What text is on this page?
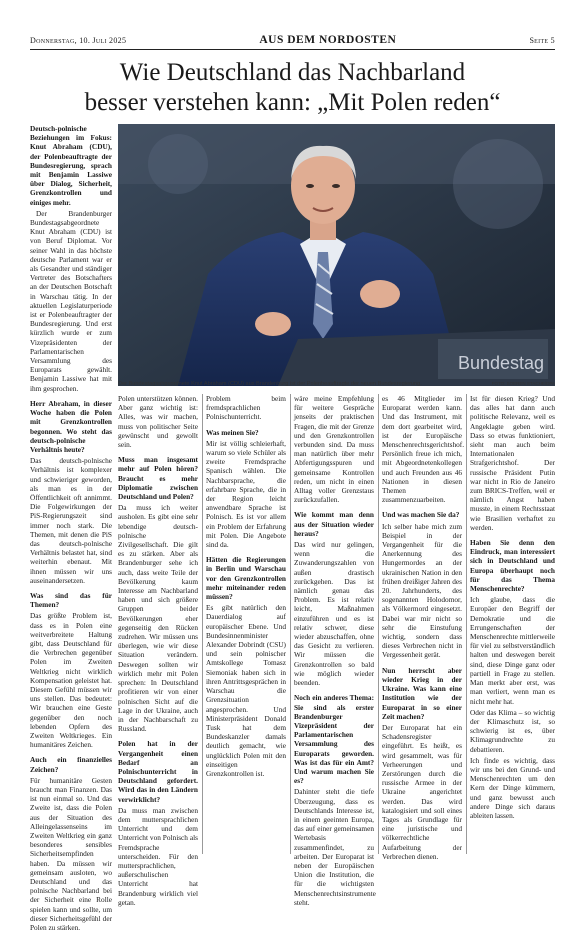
Donnerstag, 10. Juli 2025	AUS DEM NORDOSTEN	Seite 5
Wie Deutschland das Nachbarland
besser verstehen kann: „Mit Polen reden“

Deutsch-polnische Beziehungen im Fokus: Knut Abraham (CDU), der Polenbeauftragte der Bundesregierung, sprach mit Benjamin Lassiwe über Dialog, Sicherheit, Grenzkontrollen und einiges mehr.

Der Brandenburger Bundestagsabgeordnete Knut Abraham (CDU) ist von Beruf Diplomat. Vor seiner Wahl in das höchste deutsche Parlament war er als Gesandter und ständiger Vertreter des Botschafters an der Deutschen Botschaft in Warschau tätig. In der aktuellen Legislaturperiode ist er Polenbeauftragter der Bundesregierung. Und erst kürzlich wurde er zum Vizepräsidenten der Parlamentarischen Versammlung des Europarats gewählt. Benjamin Lassiwe hat mit ihm gesprochen.

Herr Abraham, in dieser Woche haben die Polen mit Grenzkontrollen begonnen. Wo steht das deutsch-polnische Verhältnis heute?

Das deutsch-polnische Verhältnis ist komplexer und schwieriger geworden, als man es in der Öffentlichkeit oft annimmt. Die Folgewirkungen der PiS-Regierungszeit sind immer noch stark. Die Themen, mit denen die PiS das deutsch-polnische Verhältnis belastet hat, sind weiterhin ebenaut. Mit ihnen müssen wir uns auseinandersetzen.

Was sind das für Themen?

Das größte Problem ist, dass es in Polen eine weitverbreitete Haltung gibt, dass Deutschland für die Verbrechen gegenüber Polen im Zweiten Weltkrieg nicht wirklich Kompensation geleistet hat. Diesem Gefühl müssen wir uns stellen. Das bedeutet: Wir brauchen eine Geste gegenüber den noch lebenden Opfern des Zweiten Weltkrieges. Ein humanitäres Zeichen.

Auch ein finanzielles Zeichen?

Für humanitäre Gesten braucht man Finanzen. Das ist nun einmal so. Und das Zweite ist, dass die Polen aus der Situation des Alleingelassenseins im Zweiten Weltkrieg ein ganz besonderes sensibles Sicherheitsempfinden haben. Da müssen wir gemeinsam ausloten, wo Deutschland und das polnische Nachbarland bei der Sicherheit eine Rolle spielen kann und sollte, um dieser Sicherheitsgefühl der Polen zu stärken.

Bundestag
Der Bundestagsabgeordnete Knut Abraham (CDU) aus Brandenburg ist der Polenbeauftragte der neuen Bundesregierung.	FOTO: SOEREN STACHE/DPA

Polen unterstützen können. Aber ganz wichtig ist: Alles, was wir machen, muss von politischer Seite gewünscht und gewollt sein.

Muss man insgesamt mehr auf Polen hören? Braucht es mehr Diplomatie zwischen Deutschland und Polen?

Da muss ich weiter ausholen. Es gibt eine sehr lebendige deutsch-polnische Zivilgesellschaft. Die gilt es zu stärken. Aber als Brandenburger sehe ich auch, dass weite Teile der Bevölkerung kaum Interesse am Nachbarland haben und sich größere Gruppen beider Bevölkerungen eher gegenseitig den Rücken zudrehen. Wir müssen uns überlegen, wie wir diese Situation verändern. Deswegen sollten wir wirklich mehr mit Polen sprechen: In Deutschland profitieren wir von einer polnischen Sicht auf die Lage in der Ukraine, auch in der Nachbarschaft zu Russland.

Polen hat in der Vergangenheit einen Bedarf an Polnischunterricht in Deutschland gefordert. Wird das in den Ländern verwirklicht?

Da muss man zwischen dem muttersprachlichen Unterricht und dem Unterricht von Polnisch als Fremdsprache unterscheiden. Für den muttersprachlichen, außerschulischen Unterricht hat Brandenburg wirklich viel getan.

Problem beim fremdsprachlichen Polnischunterricht.

Was meinen Sie?

Mir ist völlig schleierhaft, warum so viele Schüler als zweite Fremdsprache Spanisch wählen. Die Nachbarsprache, die erfahrbare Sprache, die in der Region leicht anwendbare Sprache ist Polnisch. Es ist vor allem ein Problem der Erfahrung mit Polen. Die Angebote sind da.

Hätten die Regierungen in Berlin und Warschau vor den Grenzkontrollen mehr miteinander reden müssen?

Es gibt natürlich den Dauerdialog auf europäischer Ebene. Und Bundesinnenminister Alexander Dobrindt (CSU) und sein polnischer Amtskollege Tomasz Siemoniak haben sich in ihren Antrittsgesprächen in Warschau die Grenzsituation angesprochen. Und Ministerpräsident Donald Tusk hat dem Bundeskanzler damals deutlich gemacht, wie unglücklich Polen mit den einseitigen Grenzkontrollen ist.

wäre meine Empfehlung für weitere Gespräche jenseits der praktischen Fragen, die mit der Grenze und den Grenzkontrollen verbunden sind. Da muss man natürlich über mehr Abfertigungsspuren und gemeinsame Kontrollen reden, um nicht in einen Alltag voller Grenzstaus zurückzufallen.

Wie kommt man denn aus der Situation wieder heraus?

Das wird nur gelingen, wenn die Zuwanderungszahlen von außen drastisch zurückgehen. Das ist nämlich genau das Problem. Es ist relativ leicht, Maßnahmen einzuführen und es ist relativ schwer, diese wieder abzuschaffen, ohne das Gesicht zu verlieren. Wir müssen die Grenzkontrollen so bald wie möglich wieder beenden.

Noch ein anderes Thema: Sie sind als erster Brandenburger Vizepräsident der Parlamentarischen Versammlung des Europarats geworden. Was ist das für ein Amt? Und warum machen Sie es?

Dahinter steht die tiefe Überzeugung, dass es Deutschlands Interesse ist, in einem geeinten Europa, das auf einer gemeinsamen Wertebasis zusammenfindet, zu arbeiten. Der Europarat ist neben der Europäischen Union die Institution, die für die wichtigsten Menschenrechtsinstrumente steht.

es 46 Mitglieder im Europarat werden kann. Und das Instrument, mit dem dort gearbeitet wird, ist der Europäische Menschenrechtsgerichtshof. Persönlich freue ich mich, mit Abgeordnetenkollegen und auch Freunden aus 46 Nationen in diesen Themen zusammenzuarbeiten.

Und was machen Sie da?

Ich selber habe mich zum Beispiel in der Vergangenheit für die Anerkennung des Hungermordes an der ukrainischen Nation in den frühen dreißiger Jahren des 20. Jahrhunderts, des sogenannten Holodomor, als Völkermord eingesetzt. Dabei war mir nicht so sehr die Einstufung wichtig, sondern dass dieses Verbrechen nicht in Vergessenheit gerät.

Nun herrscht aber wieder Krieg in der Ukraine. Was kann eine Institution wie der Europarat in so einer Zeit machen?

Der Europarat hat ein Schadensregister eingeführt. Es heißt, es wird gesammelt, was für Verheerungen und Zerstörungen durch die russische Armee in der Ukraine angerichtet werden. Das wird katalogisiert und soll eines Tages als Grundlage für eine juristische und völkerrechtliche Aufarbeitung der Verbrechen dienen.

Ist für diesen Krieg? Und das alles hat dann auch politische Relevanz, weil es Angeklagte geben wird. Dass so etwas funktioniert, sieht man auch beim Internationalen Strafgerichtshof. Der russische Präsident Putin war nicht in Rio de Janeiro zum BRICS-Treffen, weil er nämlich Angst haben musste, in einem Rechtsstaat wie Brasilien verhaftet zu werden.

Haben Sie denn den Eindruck, man interessiert sich in Deutschland und Europa überhaupt noch für das Thema Menschenrechte?

Ich glaube, dass die Europäer den Begriff der Demokratie und die Errungenschaften der Menschenrechte mittlerweile für viel zu selbstverständlich halten und deswegen bereit sind, diese Dinge ganz oder partiell in Frage zu stellen. Man merkt aber erst, was man verliert, wenn man es nicht mehr hat.

Oder das Klima – so wichtig der Klimaschutz ist, so schwierig ist es, über Klimagrundrechte zu debattieren.

Ich finde es wichtig, dass wir uns bei den Grund- und Menschenrechten um den Kern der Dinge kümmern, und ganz bewusst auch andere Dinge sich daraus ableiten lassen.
